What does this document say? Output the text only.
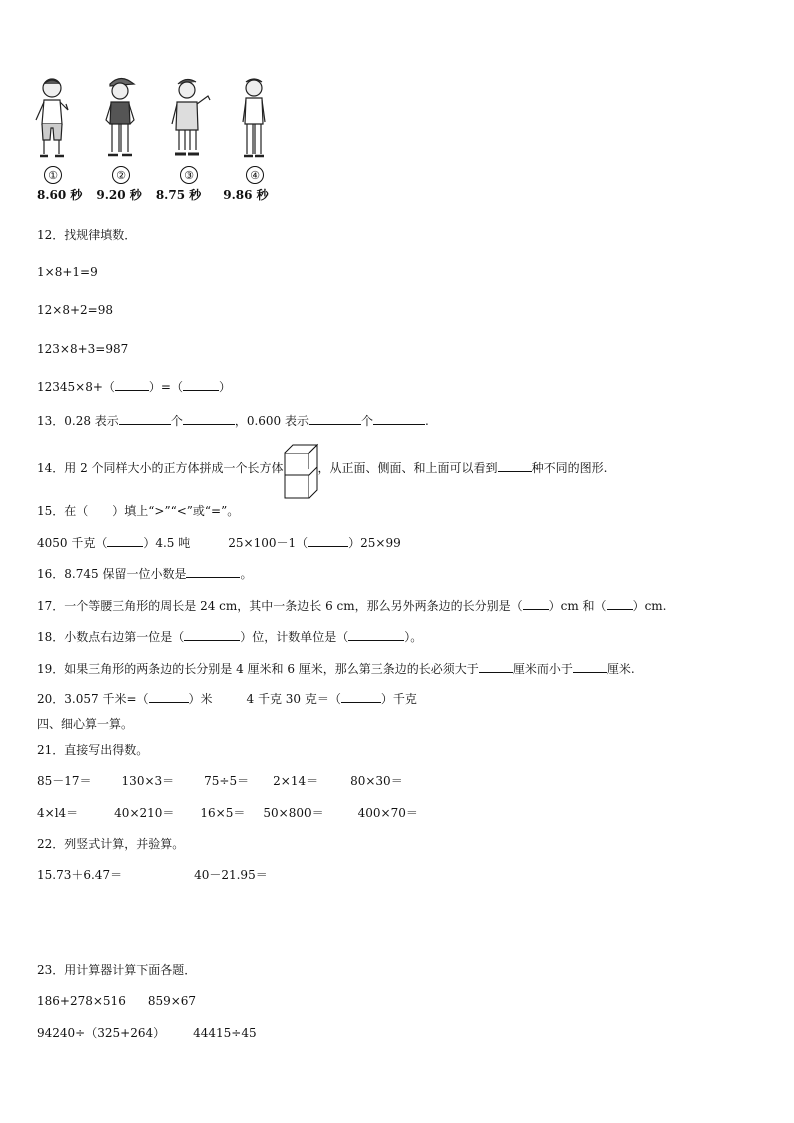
①	②	③	④
8.60 秒 9.20 秒 8.75 秒 9.86 秒
12．找规律填数．
1×8+1=9
12×8+2=98
123×8+3=987
12345×8+（	）=（	）
13．0.28 表示	个	，0.600 表示	个	.
14．用 2 个同样大小的正方体拼成一个长方体	，从正面、侧面、和上面可以看到	种不同的图形.
15．在（　　）填上“>”“<”或“=”。
4050 千克（	）4.5 吨	25×100－1（	）25×99
16．8.745 保留一位小数是	。
17．一个等腰三角形的周长是 24 cm，其中一条边长 6 cm，那么另外两条边的长分别是（ ）cm 和（ ）cm.
18．小数点右边第一位是（	）位，计数单位是（	）。
19．如果三角形的两条边的长分别是 4 厘米和 6 厘米，那么第三条边的长必须大于	厘米而小于	厘米.
20．3.057 千米=（	）米	4 千克 30 克＝（	）千克
四、细心算一算。
21．直接写出得数。
85－17＝	130×3＝	75÷5＝ 2×14＝	80×30＝
4×l4＝	40×210＝ 16×5＝ 50×800＝	400×70＝
22．列竖式计算，并验算。
15.73＋6.47＝	40－21.95＝
23．用计算器计算下面各题．
186+278×516 859×67
94240÷（325+264） 44415÷45
